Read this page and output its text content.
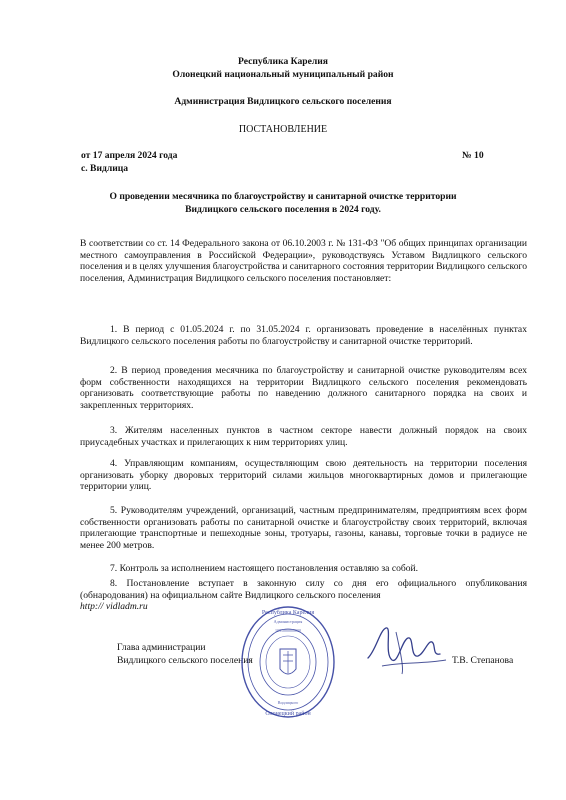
Республика Карелия
Олонецкий национальный муниципальный район
Администрация Видлицкого сельского поселения
ПОСТАНОВЛЕНИЕ
от 17 апреля 2024 года	№ 10
с. Видлица
О проведении месячника по благоустройству и санитарной очистке территории
Видлицкого сельского поселения в 2024 году.
В соответствии со ст. 14 Федерального закона от 06.10.2003 г. № 131-ФЗ "Об общих принципах организации местного самоуправления в Российской Федерации», руководствуясь Уставом Видлицкого сельского поселения и в целях улучшения благоустройства и санитарного состояния территории Видлицкого сельского поселения, Администрация Видлицкого сельского поселения постановляет:
1. В период с 01.05.2024 г. по 31.05.2024 г. организовать проведение в населённых пунктах Видлицкого сельского поселения работы по благоустройству и санитарной очистке территорий.
2. В период проведения месячника по благоустройству и санитарной очистке руководителям всех форм собственности находящихся на территории Видлицкого сельского поселения рекомендовать организовать соответствующие работы по наведению должного санитарного порядка на своих и закрепленных территориях.
3. Жителям населенных пунктов в частном секторе навести должный порядок на своих приусадебных участках и прилегающих к ним территориях улиц.
4. Управляющим компаниям, осуществляющим свою деятельность на территории поселения организовать уборку дворовых территорий силами жильцов многоквартирных домов и прилегающие территории улиц.
5. Руководителям учреждений, организаций, частным предпринимателям, предприятиям всех форм собственности организовать работы по санитарной очистке и благоустройству своих территорий, включая прилегающие транспортные и пешеходные зоны, тротуары, газоны, канавы, торговые точки в радиусе не менее 200 метров.
7. Контроль за исполнением настоящего постановления оставляю за собой.
8. Постановление вступает в законную силу со дня его официального опубликования (обнародования) на официальном сайте Видлицкого сельского поселения
http:// vidladm.ru
Глава администрации
Видлицкого сельского поселения	Т.В. Степанова
Республика Карелия
Олонецкий район
Администрация
Видлицкого
1051000000000
